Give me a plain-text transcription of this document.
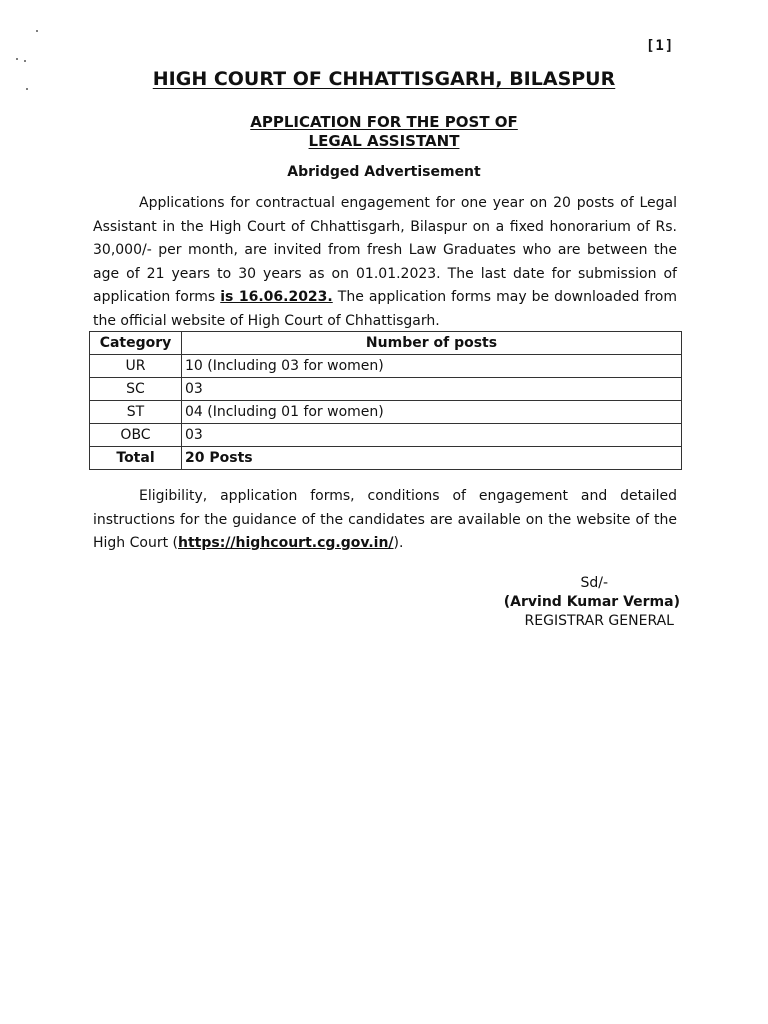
[1]
HIGH COURT OF CHHATTISGARH, BILASPUR
APPLICATION FOR THE POST OF
LEGAL ASSISTANT
Abridged Advertisement

Applications for contractual engagement for one year on 20 posts of Legal Assistant in the High Court of Chhattisgarh, Bilaspur on a fixed honorarium of Rs. 30,000/- per month, are invited from fresh Law Graduates who are between the age of 21 years to 30 years as on 01.01.2023. The last date for submission of application forms is 16.06.2023. The application forms may be downloaded from the official website of High Court of Chhattisgarh.

Category	Number of posts
UR	10 (Including 03 for women)
SC	03
ST	04 (Including 01 for women)
OBC	03
Total	20 Posts

Eligibility, application forms, conditions of engagement and detailed instructions for the guidance of the candidates are available on the website of the High Court (https://highcourt.cg.gov.in/).

Sd/-
(Arvind Kumar Verma)
REGISTRAR GENERAL
